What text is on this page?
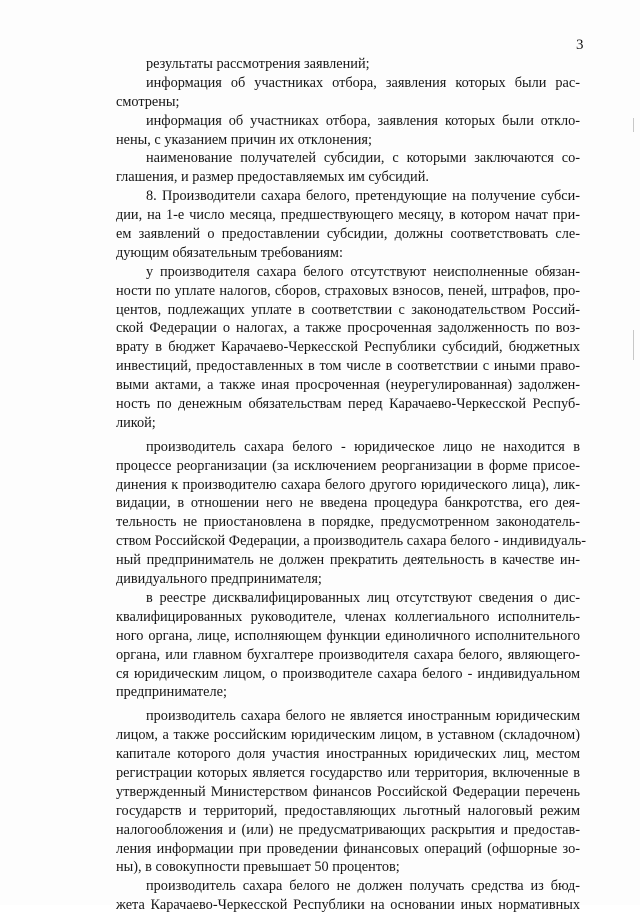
3
результаты рассмотрения заявлений;
информация об участниках отбора, заявления которых были рас-
смотрены;
информация об участниках отбора, заявления которых были откло-
нены, с указанием причин их отклонения;
наименование получателей субсидии, с которыми заключаются со-
глашения, и размер предоставляемых им субсидий.
8. Производители сахара белого, претендующие на получение субси-
дии, на 1-е число месяца, предшествующего месяцу, в котором начат при-
ем заявлений о предоставлении субсидии, должны соответствовать сле-
дующим обязательным требованиям:
у производителя сахара белого отсутствуют неисполненные обязан-
ности по уплате налогов, сборов, страховых взносов, пеней, штрафов, про-
центов, подлежащих уплате в соответствии с законодательством Россий-
ской Федерации о налогах, а также просроченная задолженность по воз-
врату в бюджет Карачаево-Черкесской Республики субсидий, бюджетных
инвестиций, предоставленных в том числе в соответствии с иными право-
выми актами, а также иная просроченная (неурегулированная) задолжен-
ность по денежным обязательствам перед Карачаево-Черкесской Респуб-
ликой;
производитель сахара белого - юридическое лицо не находится в
процессе реорганизации (за исключением реорганизации в форме присое-
динения к производителю сахара белого другого юридического лица), лик-
видации, в отношении него не введена процедура банкротства, его дея-
тельность не приостановлена в порядке, предусмотренном законодатель-
ством Российской Федерации, а производитель сахара белого - индивидуаль-
ный предприниматель не должен прекратить деятельность в качестве ин-
дивидуального предпринимателя;
в реестре дисквалифицированных лиц отсутствуют сведения о дис-
квалифицированных руководителе, членах коллегиального исполнитель-
ного органа, лице, исполняющем функции единоличного исполнительного
органа, или главном бухгалтере производителя сахара белого, являющего-
ся юридическим лицом, о производителе сахара белого - индивидуальном
предпринимателе;
производитель сахара белого не является иностранным юридическим
лицом, а также российским юридическим лицом, в уставном (складочном)
капитале которого доля участия иностранных юридических лиц, местом
регистрации которых является государство или территория, включенные в
утвержденный Министерством финансов Российской Федерации перечень
государств и территорий, предоставляющих льготный налоговый режим
налогообложения и (или) не предусматривающих раскрытия и предостав-
ления информации при проведении финансовых операций (офшорные зо-
ны), в совокупности превышает 50 процентов;
производитель сахара белого не должен получать средства из бюд-
жета Карачаево-Черкесской Республики на основании иных нормативных
